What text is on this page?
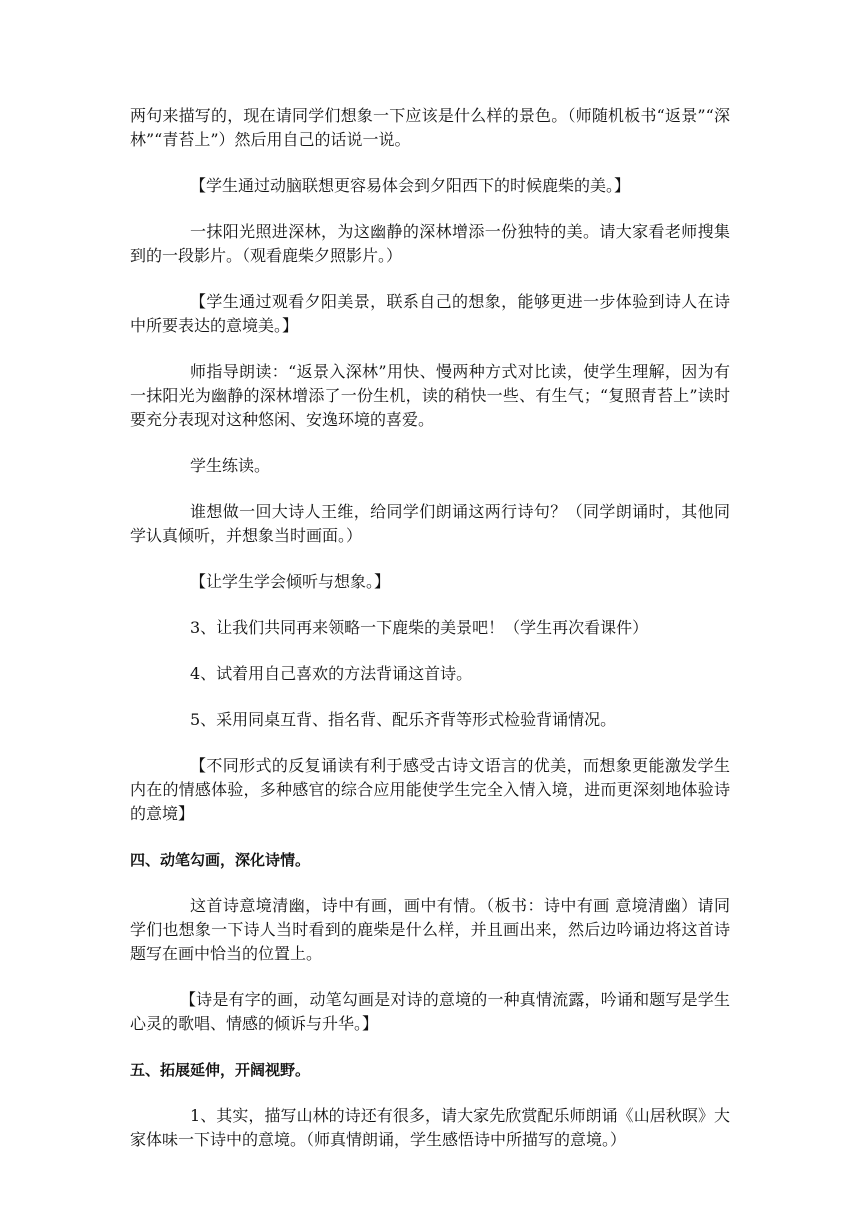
两句来描写的，现在请同学们想象一下应该是什么样的景色。（师随机板书“返景”“深林”“青苔上”）然后用自己的话说一说。

【学生通过动脑联想更容易体会到夕阳西下的时候鹿柴的美。】

一抹阳光照进深林，为这幽静的深林增添一份独特的美。请大家看老师搜集到的一段影片。（观看鹿柴夕照影片。）

【学生通过观看夕阳美景，联系自己的想象，能够更进一步体验到诗人在诗中所要表达的意境美。】

师指导朗读：“返景入深林”用快、慢两种方式对比读，使学生理解，因为有一抹阳光为幽静的深林增添了一份生机，读的稍快一些、有生气；“复照青苔上”读时要充分表现对这种悠闲、安逸环境的喜爱。

学生练读。

谁想做一回大诗人王维，给同学们朗诵这两行诗句？（同学朗诵时，其他同学认真倾听，并想象当时画面。）

【让学生学会倾听与想象。】

3、让我们共同再来领略一下鹿柴的美景吧！（学生再次看课件）

4、试着用自己喜欢的方法背诵这首诗。

5、采用同桌互背、指名背、配乐齐背等形式检验背诵情况。

【不同形式的反复诵读有利于感受古诗文语言的优美，而想象更能激发学生内在的情感体验，多种感官的综合应用能使学生完全入情入境，进而更深刻地体验诗的意境】

四、动笔勾画，深化诗情。

这首诗意境清幽，诗中有画，画中有情。（板书：诗中有画 意境清幽）请同学们也想象一下诗人当时看到的鹿柴是什么样，并且画出来，然后边吟诵边将这首诗题写在画中恰当的位置上。

【诗是有字的画，动笔勾画是对诗的意境的一种真情流露，吟诵和题写是学生心灵的歌唱、情感的倾诉与升华。】

五、拓展延伸，开阔视野。

1、其实，描写山林的诗还有很多，请大家先欣赏配乐师朗诵《山居秋暝》大家体味一下诗中的意境。（师真情朗诵，学生感悟诗中所描写的意境。）
